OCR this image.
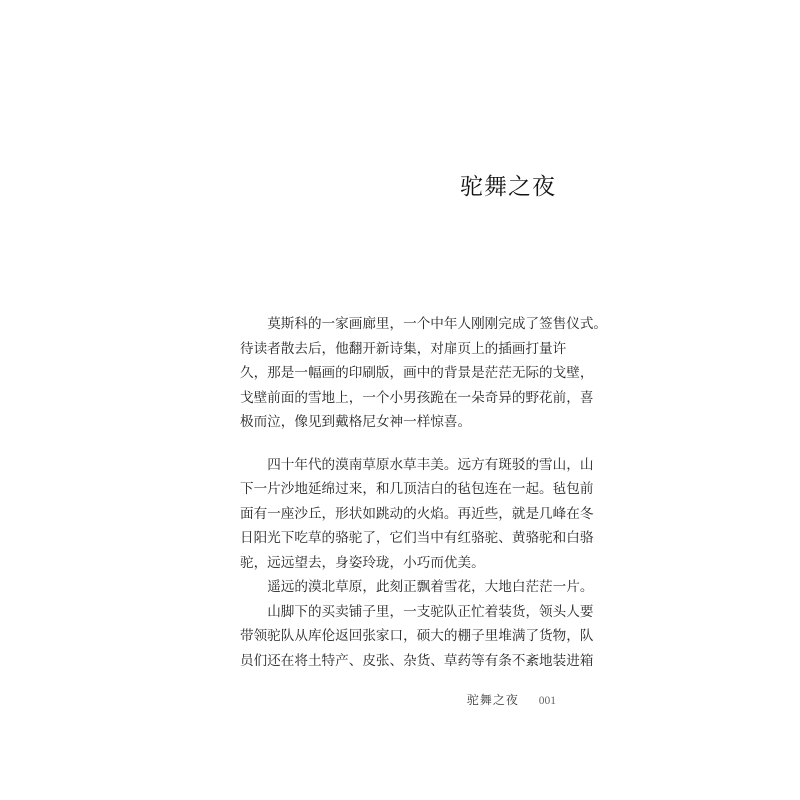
驼舞之夜
莫斯科的一家画廊里，一个中年人刚刚完成了签售仪式。
待读者散去后，他翻开新诗集，对扉页上的插画打量许
久，那是一幅画的印刷版，画中的背景是茫茫无际的戈壁，
戈壁前面的雪地上，一个小男孩跪在一朵奇异的野花前，喜
极而泣，像见到戴格尼女神一样惊喜。
四十年代的漠南草原水草丰美。远方有斑驳的雪山，山
下一片沙地延绵过来，和几顶洁白的毡包连在一起。毡包前
面有一座沙丘，形状如跳动的火焰。再近些，就是几峰在冬
日阳光下吃草的骆驼了，它们当中有红骆驼、黄骆驼和白骆
驼，远远望去，身姿玲珑，小巧而优美。
遥远的漠北草原，此刻正飘着雪花，大地白茫茫一片。
山脚下的买卖铺子里，一支驼队正忙着装货，领头人要
带领驼队从库伦返回张家口，硕大的棚子里堆满了货物，队
员们还在将土特产、皮张、杂货、草药等有条不紊地装进箱
驼舞之夜 001
